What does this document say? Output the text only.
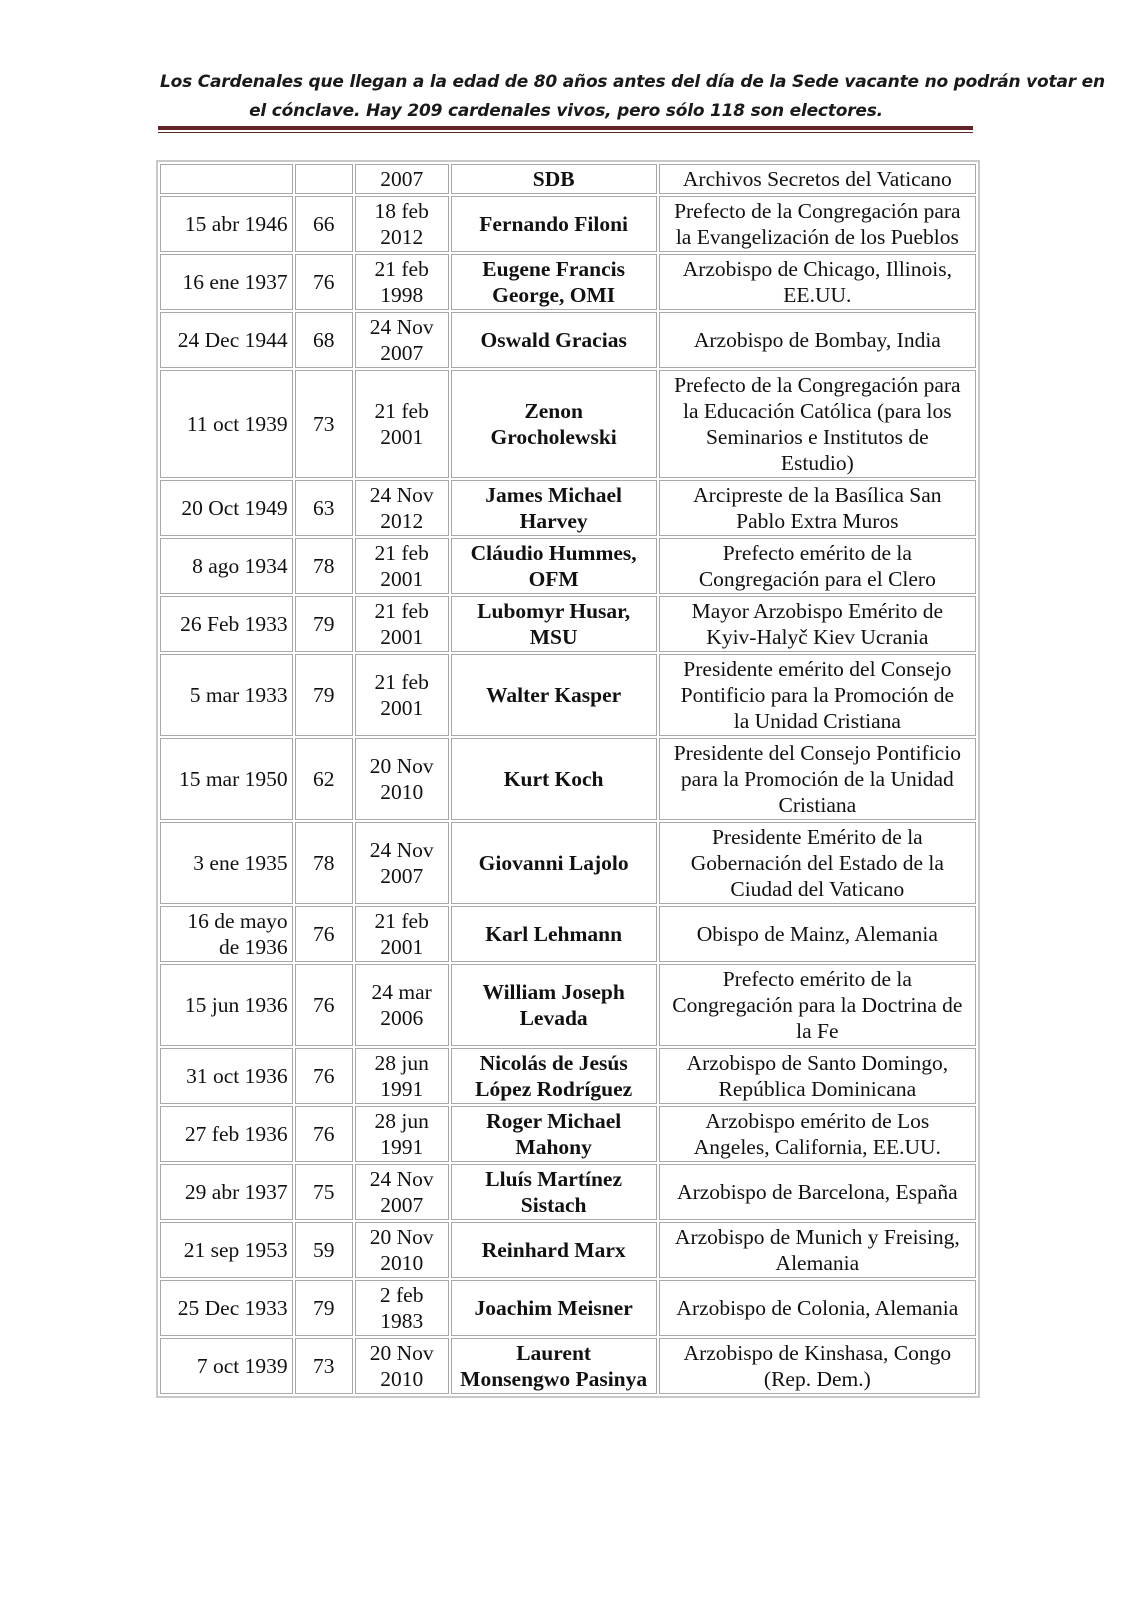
Los Cardenales que llegan a la edad de 80 años antes del día de la Sede vacante no podrán votar en
el cónclave. Hay 209 cardenales vivos, pero sólo 118 son electores.

		2007	SDB	Archivos Secretos del Vaticano

15 abr 1946	66	18 feb
2012	Fernando Filoni	Prefecto de la Congregación para
la Evangelización de los Pueblos

16 ene 1937	76	21 feb
1998	Eugene Francis
George, OMI	Arzobispo de Chicago, Illinois,
EE.UU.

24 Dec 1944	68	24 Nov
2007	Oswald Gracias	Arzobispo de Bombay, India

11 oct 1939	73	21 feb
2001	Zenon
Grocholewski	Prefecto de la Congregación para
la Educación Católica (para los
Seminarios e Institutos de
Estudio)

20 Oct 1949	63	24 Nov
2012	James Michael
Harvey	Arcipreste de la Basílica San
Pablo Extra Muros

8 ago 1934	78	21 feb
2001	Cláudio Hummes,
OFM	Prefecto emérito de la
Congregación para el Clero

26 Feb 1933	79	21 feb
2001	Lubomyr Husar,
MSU	Mayor Arzobispo Emérito de
Kyiv-Halyč Kiev Ucrania

5 mar 1933	79	21 feb
2001	Walter Kasper	Presidente emérito del Consejo
Pontificio para la Promoción de
la Unidad Cristiana

15 mar 1950	62	20 Nov
2010	Kurt Koch	Presidente del Consejo Pontificio
para la Promoción de la Unidad
Cristiana

3 ene 1935	78	24 Nov
2007	Giovanni Lajolo	Presidente Emérito de la
Gobernación del Estado de la
Ciudad del Vaticano

16 de mayo
de 1936	76	21 feb
2001	Karl Lehmann	Obispo de Mainz, Alemania

15 jun 1936	76	24 mar
2006	William Joseph
Levada	Prefecto emérito de la
Congregación para la Doctrina de
la Fe

31 oct 1936	76	28 jun
1991	Nicolás de Jesús
López Rodríguez	Arzobispo de Santo Domingo,
República Dominicana

27 feb 1936	76	28 jun
1991	Roger Michael
Mahony	Arzobispo emérito de Los
Angeles, California, EE.UU.

29 abr 1937	75	24 Nov
2007	Lluís Martínez
Sistach	Arzobispo de Barcelona, España

21 sep 1953	59	20 Nov
2010	Reinhard Marx	Arzobispo de Munich y Freising,
Alemania

25 Dec 1933	79	2 feb
1983	Joachim Meisner	Arzobispo de Colonia, Alemania

7 oct 1939	73	20 Nov
2010	Laurent
Monsengwo Pasinya	Arzobispo de Kinshasa, Congo
(Rep. Dem.)
